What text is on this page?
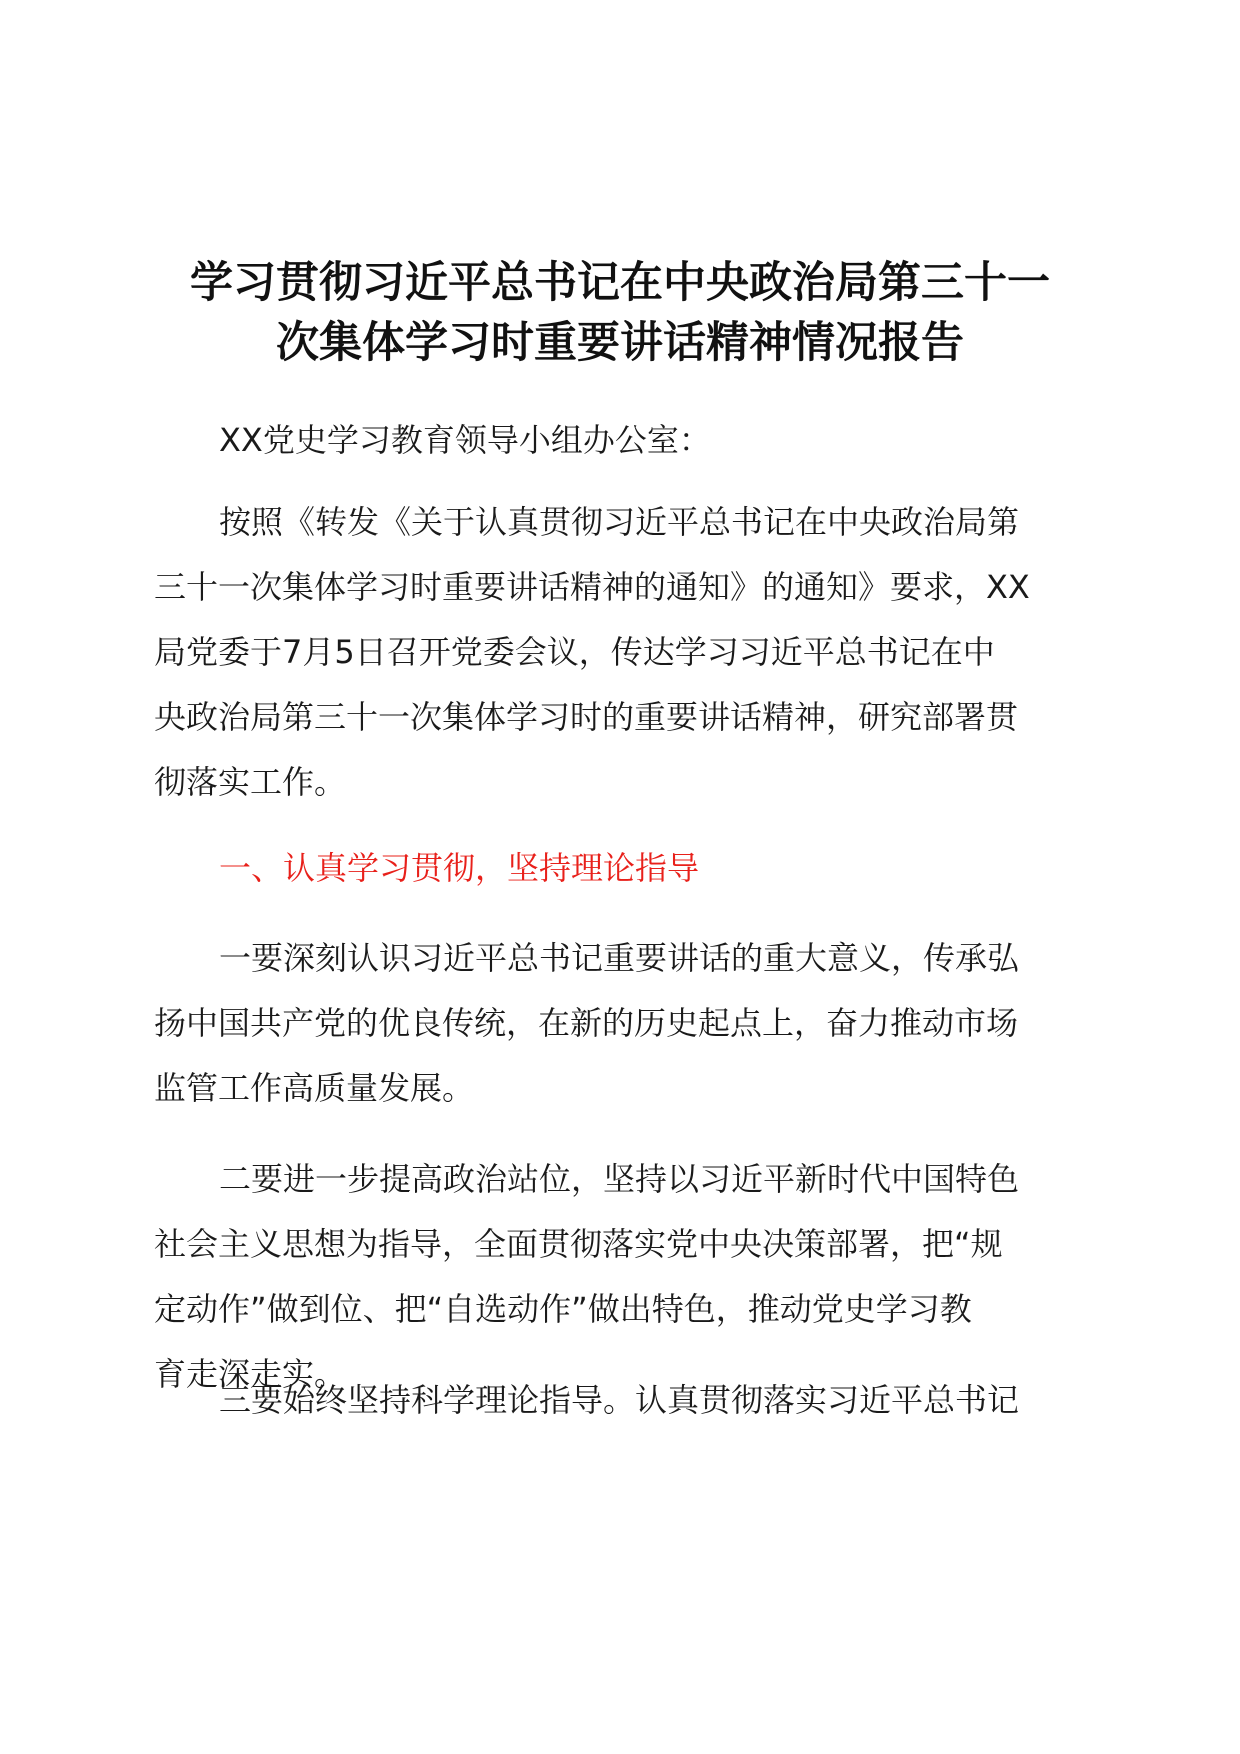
学习贯彻习近平总书记在中央政治局第三十一
次集体学习时重要讲话精神情况报告

XX党史学习教育领导小组办公室：

按照《转发《关于认真贯彻习近平总书记在中央政治局第
三十一次集体学习时重要讲话精神的通知》的通知》要求，XX
局党委于7月5日召开党委会议，传达学习习近平总书记在中
央政治局第三十一次集体学习时的重要讲话精神，研究部署贯
彻落实工作。

一、认真学习贯彻，坚持理论指导

一要深刻认识习近平总书记重要讲话的重大意义，传承弘
扬中国共产党的优良传统，在新的历史起点上，奋力推动市场
监管工作高质量发展。

二要进一步提高政治站位，坚持以习近平新时代中国特色
社会主义思想为指导，全面贯彻落实党中央决策部署，把“规
定动作”做到位、把“自选动作”做出特色，推动党史学习教
育走深走实。

三要始终坚持科学理论指导。认真贯彻落实习近平总书记
